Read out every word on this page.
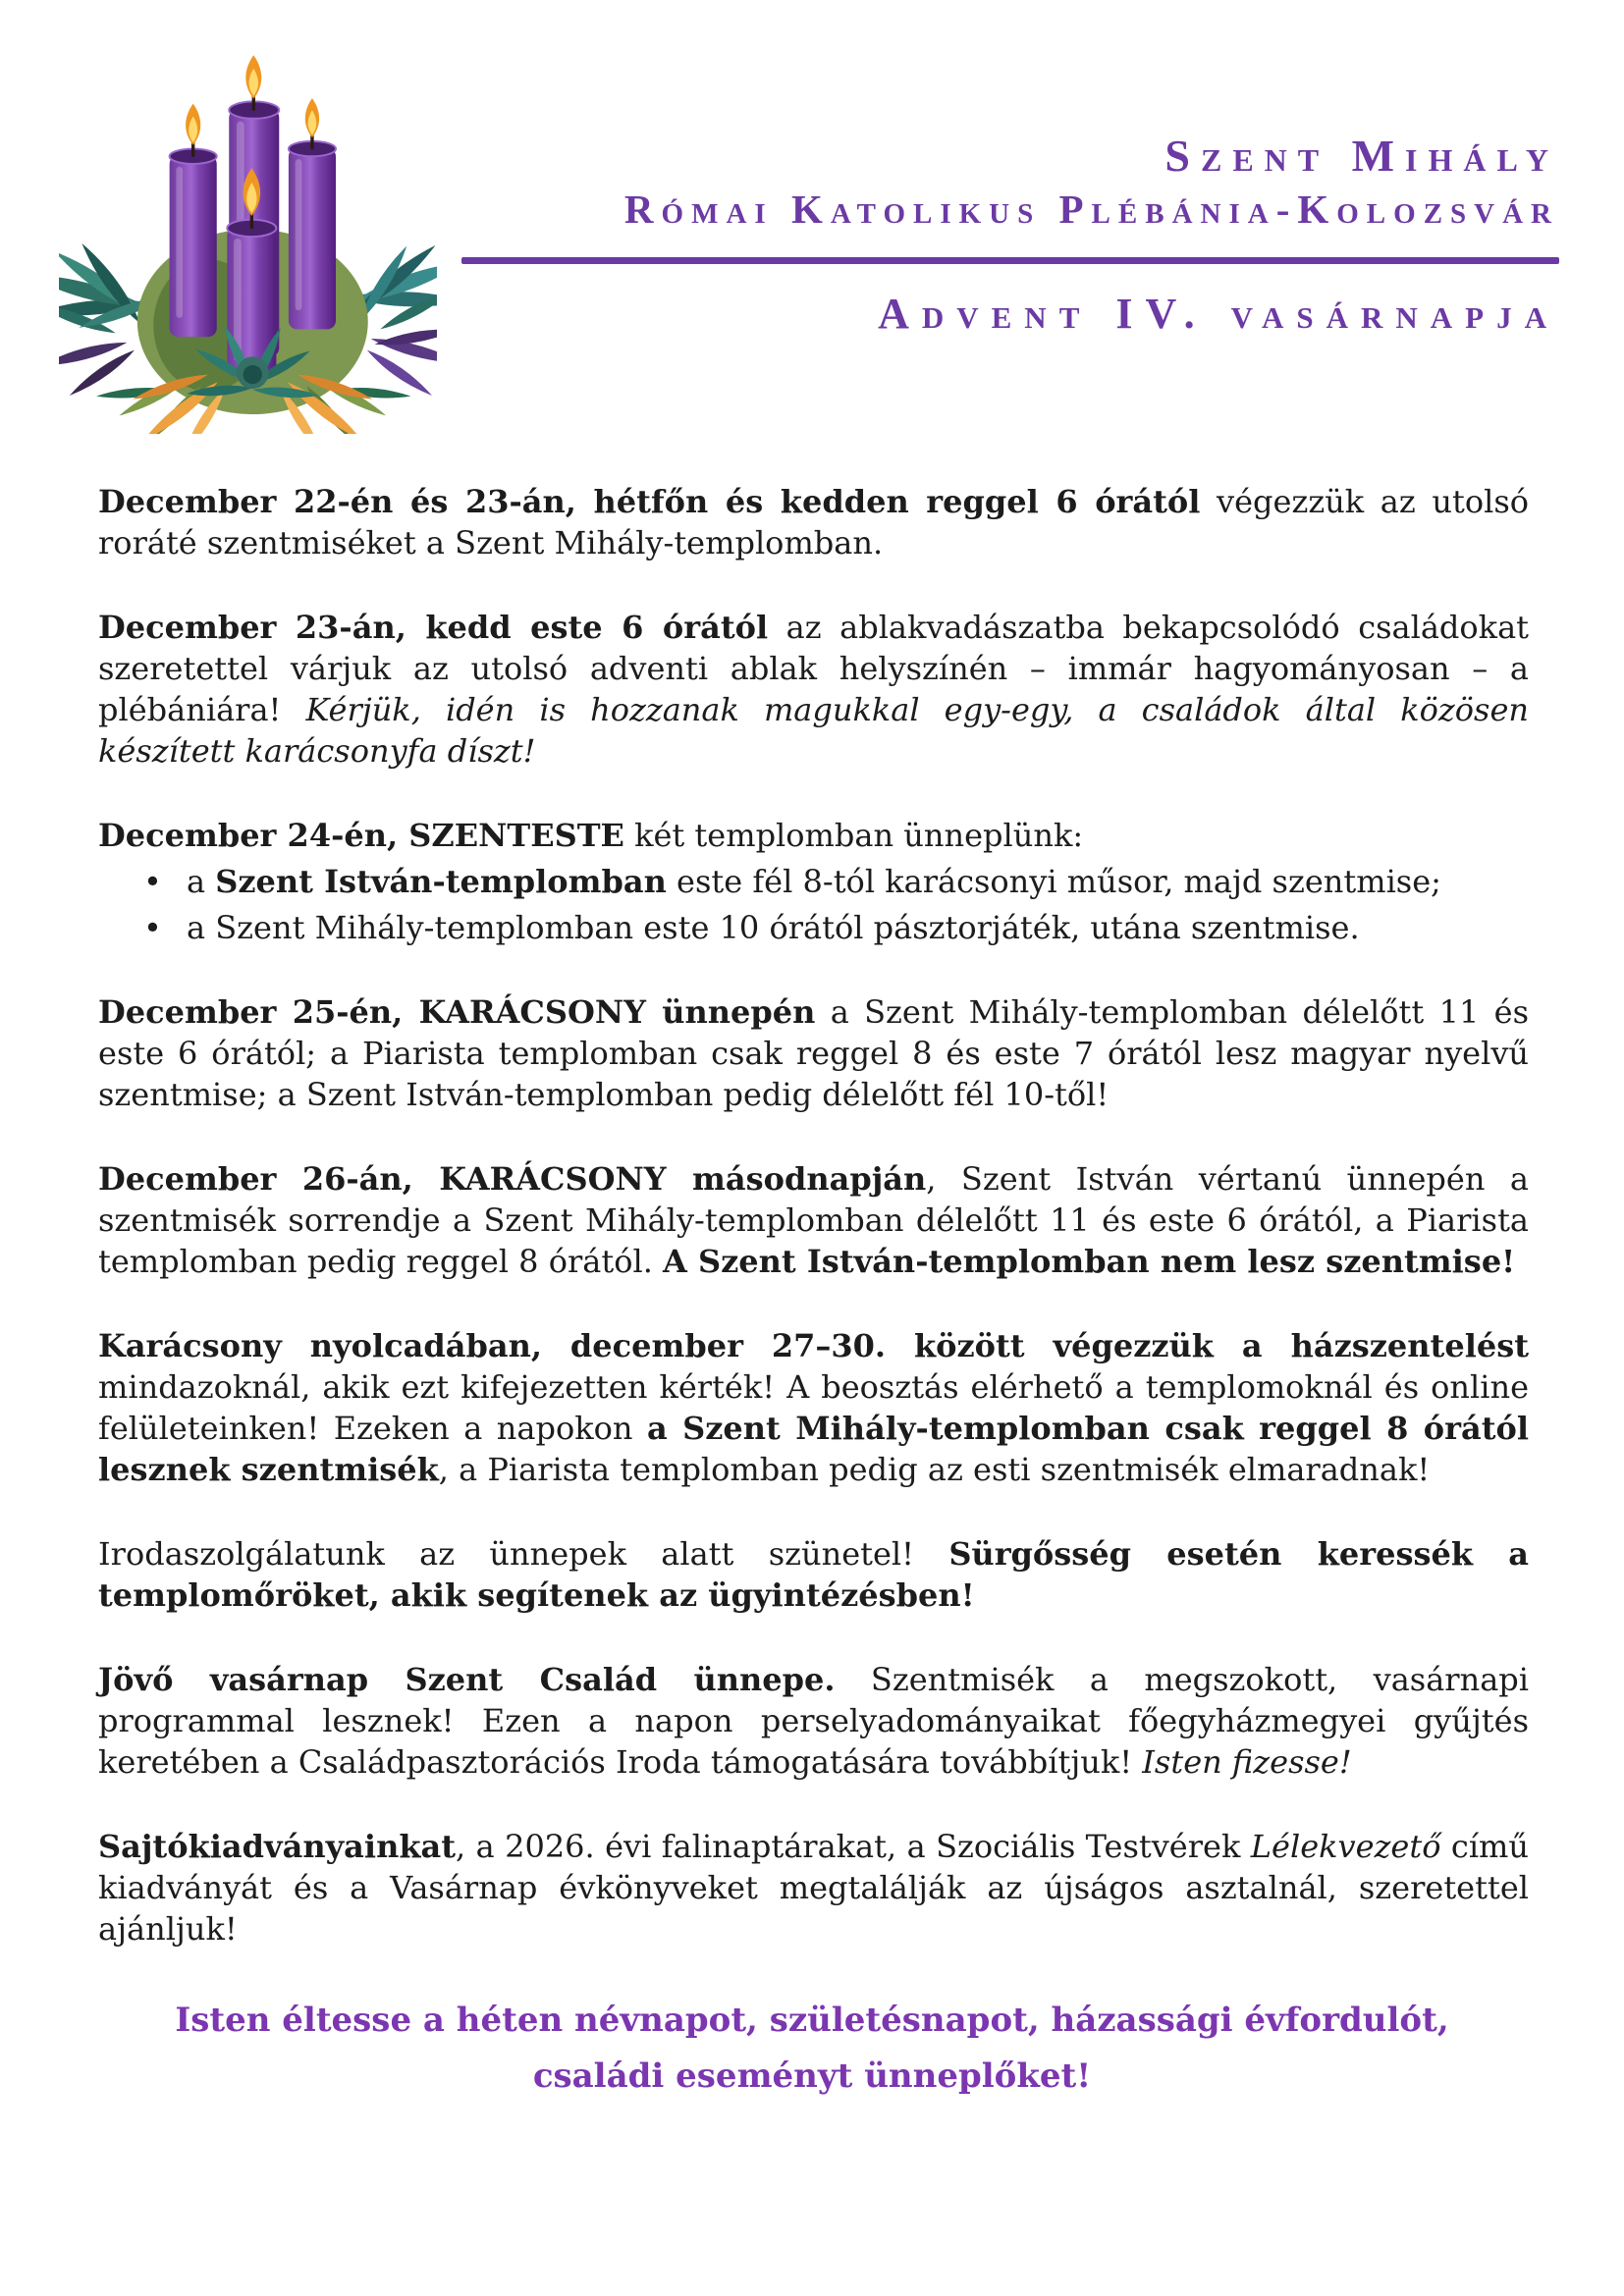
Szent Mihály
Római Katolikus Plébánia-Kolozsvár
Advent IV. vasárnapja

December 22-én és 23-án, hétfőn és kedden reggel 6 órától végezzük az utolsó roráté szentmiséket a Szent Mihály-templomban.

December 23-án, kedd este 6 órától az ablakvadászatba bekapcsolódó családokat szeretettel várjuk az utolsó adventi ablak helyszínén – immár hagyományosan – a plébániára! Kérjük, idén is hozzanak magukkal egy-egy, a családok által közösen készített karácsonyfa díszt!

December 24-én, SZENTESTE két templomban ünneplünk:

• a Szent István-templomban este fél 8-tól karácsonyi műsor, majd szentmise;
• a Szent Mihály-templomban este 10 órától pásztorjáték, utána szentmise.

December 25-én, KARÁCSONY ünnepén a Szent Mihály-templomban délelőtt 11 és este 6 órától; a Piarista templomban csak reggel 8 és este 7 órától lesz magyar nyelvű szentmise; a Szent István-templomban pedig délelőtt fél 10-től!

December 26-án, KARÁCSONY másodnapján, Szent István vértanú ünnepén a szentmisék sorrendje a Szent Mihály-templomban délelőtt 11 és este 6 órától, a Piarista templomban pedig reggel 8 órától. A Szent István-templomban nem lesz szentmise!

Karácsony nyolcadában, december 27–30. között végezzük a házszentelést mindazoknál, akik ezt kifejezetten kérték! A beosztás elérhető a templomoknál és online felületeinken! Ezeken a napokon a Szent Mihály-templomban csak reggel 8 órától lesznek szentmisék, a Piarista templomban pedig az esti szentmisék elmaradnak!

Irodaszolgálatunk az ünnepek alatt szünetel! Sürgősség esetén keressék a templomőröket, akik segítenek az ügyintézésben!

Jövő vasárnap Szent Család ünnepe. Szentmisék a megszokott, vasárnapi programmal lesznek! Ezen a napon perselyadományaikat főegyházmegyei gyűjtés keretében a Családpasztorációs Iroda támogatására továbbítjuk! Isten fizesse!

Sajtókiadványainkat, a 2026. évi falinaptárakat, a Szociális Testvérek Lélekvezető című kiadványát és a Vasárnap évkönyveket megtalálják az újságos asztalnál, szeretettel ajánljuk!

Isten éltesse a héten névnapot, születésnapot, házassági évfordulót,
családi eseményt ünneplőket!
